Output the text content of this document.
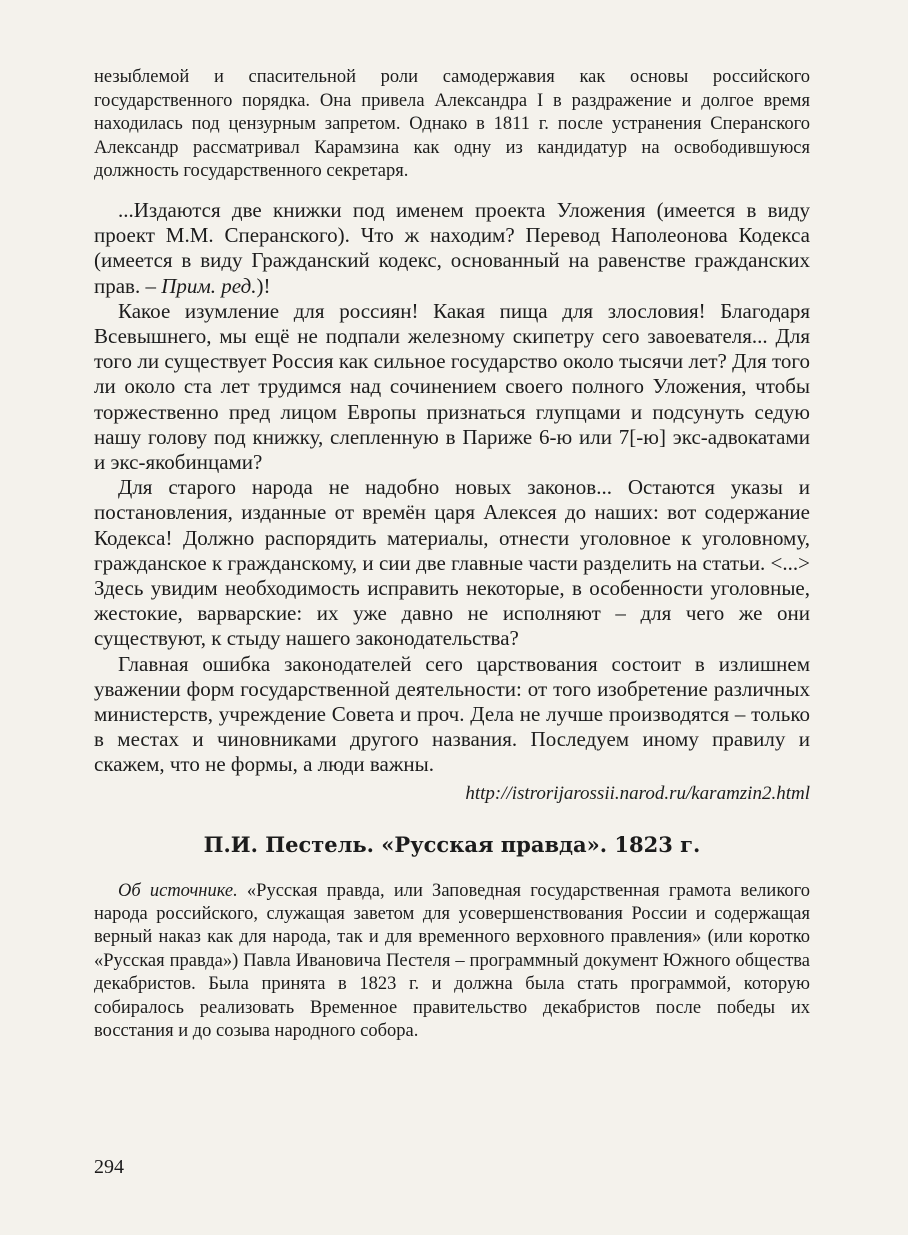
незыблемой и спасительной роли самодержавия как основы российского государственного порядка. Она привела Александра I в раздражение и долгое время находилась под цензурным запретом. Однако в 1811 г. после устранения Сперанского Александр рассматривал Карамзина как одну из кандидатур на освободившуюся должность государственного секретаря.

...Издаются две книжки под именем проекта Уложения (имеется в виду проект М.М. Сперанского). Что ж находим? Перевод Наполеонова Кодекса (имеется в виду Гражданский кодекс, основанный на равенстве гражданских прав. – Прим. ред.)!

Какое изумление для россиян! Какая пища для злословия! Благодаря Всевышнего, мы ещё не подпали железному скипетру сего завоевателя... Для того ли существует Россия как сильное государство около тысячи лет? Для того ли около ста лет трудимся над сочинением своего полного Уложения, чтобы торжественно пред лицом Европы признаться глупцами и подсунуть седую нашу голову под книжку, слепленную в Париже 6-ю или 7[-ю] экс-адвокатами и экс-якобинцами?

Для старого народа не надобно новых законов... Остаются указы и постановления, изданные от времён царя Алексея до наших: вот содержание Кодекса! Должно распорядить материалы, отнести уголовное к уголовному, гражданское к гражданскому, и сии две главные части разделить на статьи. <...> Здесь увидим необходимость исправить некоторые, в особенности уголовные, жестокие, варварские: их уже давно не исполняют – для чего же они существуют, к стыду нашего законодательства?

Главная ошибка законодателей сего царствования состоит в излишнем уважении форм государственной деятельности: от того изобретение различных министерств, учреждение Совета и проч. Дела не лучше производятся – только в местах и чиновниками другого названия. Последуем иному правилу и скажем, что не формы, а люди важны.

http://istrorijarossii.narod.ru/karamzin2.html

П.И. Пестель. «Русская правда». 1823 г.

Об источнике. «Русская правда, или Заповедная государственная грамота великого народа российского, служащая заветом для усовершенствования России и содержащая верный наказ как для народа, так и для временного верховного правления» (или коротко «Русская правда») Павла Ивановича Пестеля – программный документ Южного общества декабристов. Была принята в 1823 г. и должна была стать программой, которую собиралось реализовать Временное правительство декабристов после победы их восстания и до созыва народного собора.

294
